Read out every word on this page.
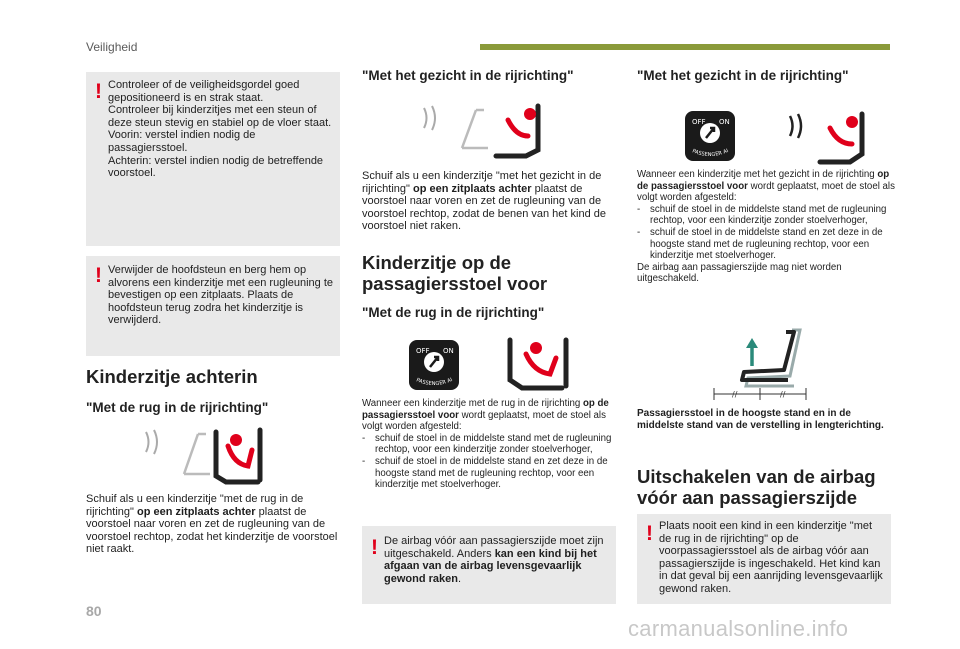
Veiligheid
80
carmanualsonline.info
! Controleer of de veiligheidsgordel goed gepositioneerd is en strak staat.

Controleer bij kinderzitjes met een steun of deze steun stevig en stabiel op de vloer staat.

Voorin: verstel indien nodig de passagiersstoel.

Achterin: verstel indien nodig de betreffende voorstoel.

! Verwijder de hoofdsteun en berg hem op alvorens een kinderzitje met een rugleuning te bevestigen op een zitplaats. Plaats de hoofdsteun terug zodra het kinderzitje is verwijderd.
Kinderzitje achterin
"Met de rug in de rijrichting"
Schuif als u een kinderzitje "met de rug in de rijrichting" op een zitplaats achter plaatst de voorstoel naar voren en zet de rugleuning van de voorstoel rechtop, zodat het kinderzitje de voorstoel niet raakt.
"Met het gezicht in de rijrichting"
Schuif als u een kinderzitje "met het gezicht in de rijrichting" op een zitplaats achter plaatst de voorstoel naar voren en zet de rugleuning van de voorstoel rechtop, zodat de benen van het kind de voorstoel niet raken.
Kinderzitje op de passagiersstoel voor
"Met de rug in de rijrichting"
OFF ON
PASSENGER AIRBAG

Wanneer een kinderzitje met de rug in de rijrichting op de passagiersstoel voor wordt geplaatst, moet de stoel als volgt worden afgesteld:

-	schuif de stoel in de middelste stand met de rugleuning rechtop, voor een kinderzitje zonder stoelverhoger,
-	schuif de stoel in de middelste stand en zet deze in de hoogste stand met de rugleuning rechtop, voor een kinderzitje met stoelverhoger.
! De airbag vóór aan passagierszijde moet zijn uitgeschakeld. Anders kan een kind bij het afgaan van de airbag levensgevaarlijk gewond raken.
"Met het gezicht in de rijrichting"
OFF ON
PASSENGER AIRBAG

Wanneer een kinderzitje met het gezicht in de rijrichting op de passagiersstoel voor wordt geplaatst, moet de stoel als volgt worden afgesteld:

-	schuif de stoel in de middelste stand met de rugleuning rechtop, voor een kinderzitje zonder stoelverhoger,
-	schuif de stoel in de middelste stand en zet deze in de hoogste stand met de rugleuning rechtop, voor een kinderzitje met stoelverhoger.

De airbag aan passagierszijde mag niet worden uitgeschakeld.

//	//
Passagiersstoel in de hoogste stand en in de middelste stand van de verstelling in lengterichting.
Uitschakelen van de airbag vóór aan passagierszijde
! Plaats nooit een kind in een kinderzitje "met de rug in de rijrichting" op de voorpassagiersstoel als de airbag vóór aan passagierszijde is ingeschakeld. Het kind kan in dat geval bij een aanrijding levensgevaarlijk gewond raken.
